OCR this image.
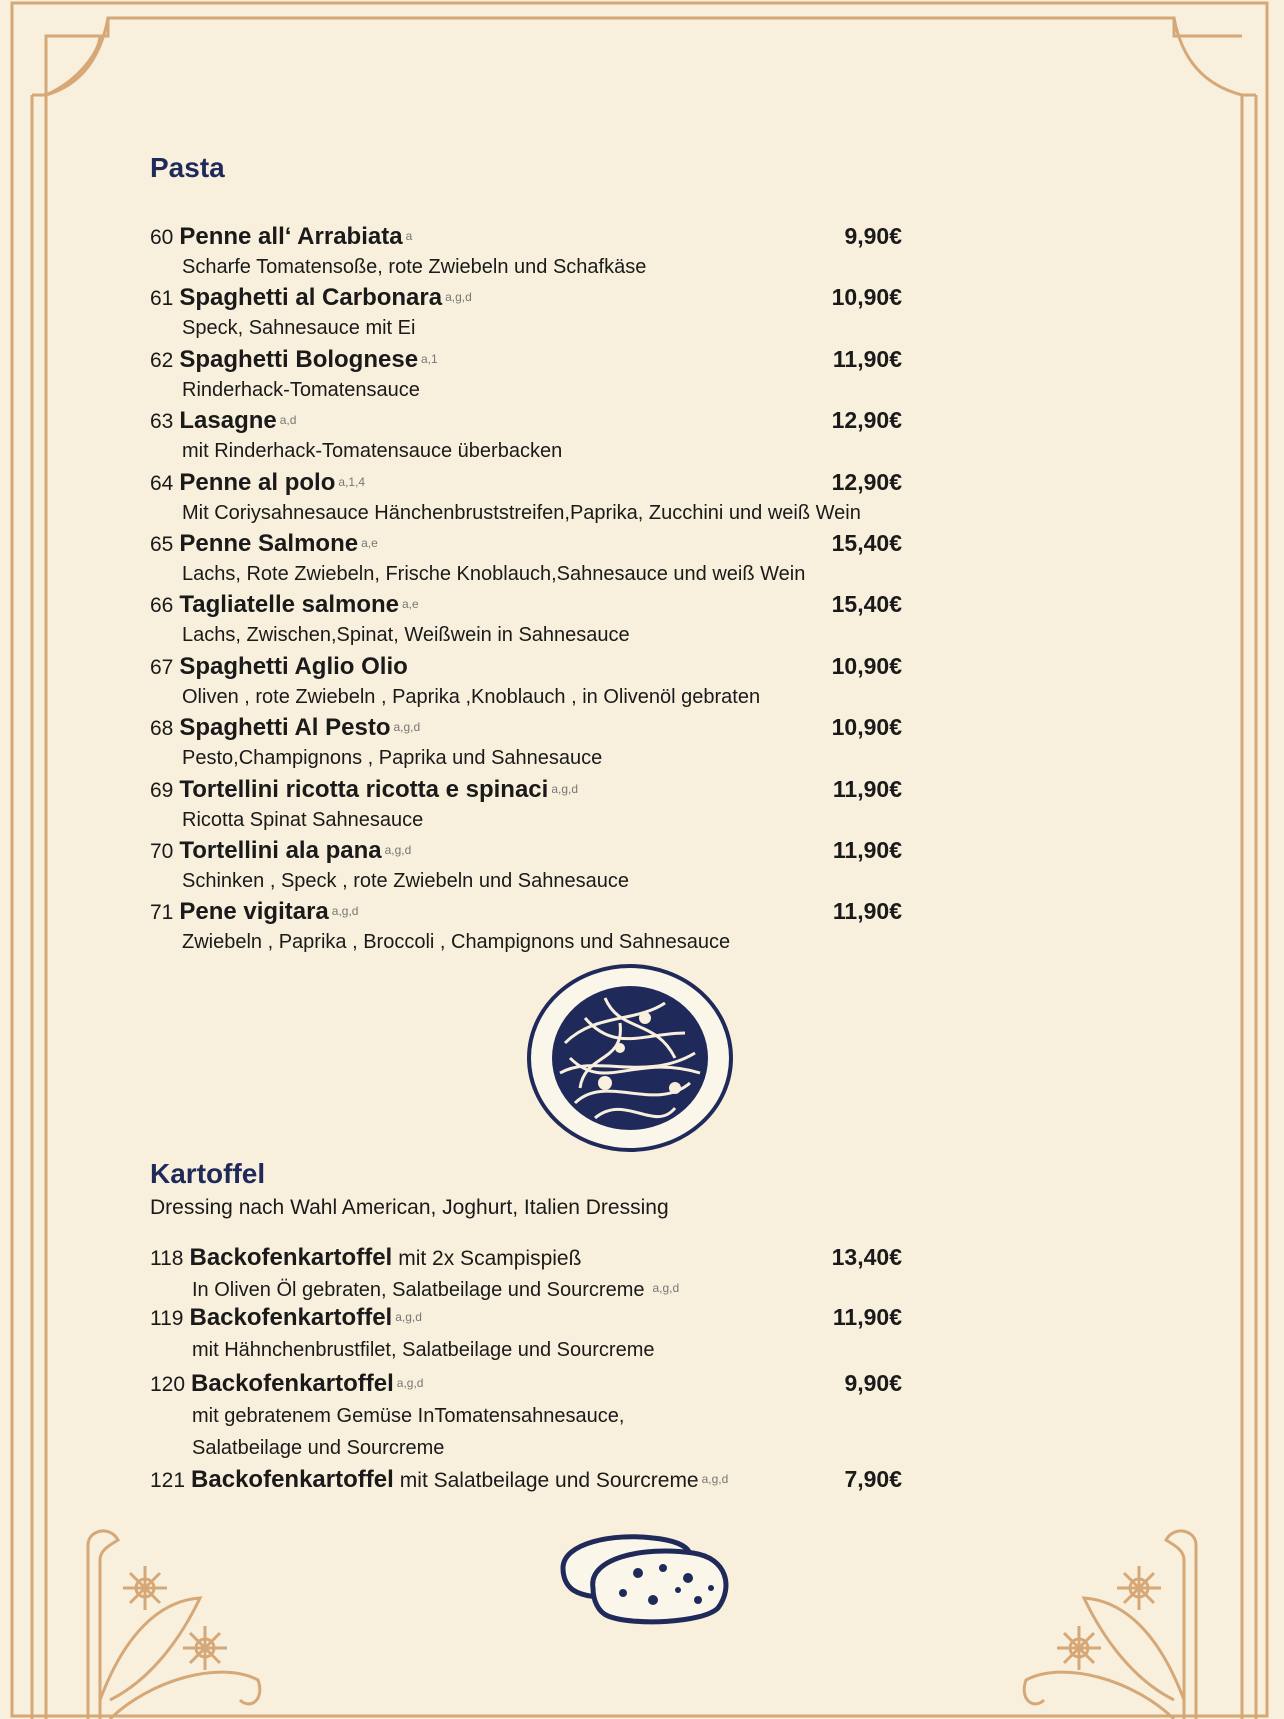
Pasta
60 Penne all‘ Arrabiata $^a$	9,90€
Scharfe Tomatensoße, rote Zwiebeln und Schafkäse
61 Spaghetti al Carbonara $^{a,g,d}$	10,90€
Speck, Sahnesauce mit Ei
62 Spaghetti Bolognese $^{a,1}$	11,90€
Rinderhack-Tomatensauce
63 Lasagne $^{a,d}$	12,90€
mit Rinderhack-Tomatensauce überbacken
64 Penne al polo $^{a,1,4}$	12,90€
Mit Coriysahnesauce Hänchenbruststreifen,Paprika, Zucchini und weiß Wein
65 Penne Salmone $^{a,e}$	15,40€
Lachs, Rote Zwiebeln, Frische Knoblauch,Sahnesauce und weiß Wein
66 Tagliatelle salmone $^{a,e}$	15,40€
Lachs, Zwischen,Spinat, Weißwein in Sahnesauce
67 Spaghetti Aglio Olio	10,90€
Oliven , rote Zwiebeln , Paprika ,Knoblauch , in Olivenöl gebraten
68 Spaghetti Al Pesto $^{a,g,d}$	10,90€
Pesto,Champignons , Paprika und Sahnesauce
69 Tortellini ricotta ricotta e spinaci $^{a,g,d}$	11,90€
Ricotta Spinat Sahnesauce
70 Tortellini ala pana $^{a,g,d}$	11,90€
Schinken , Speck , rote Zwiebeln und Sahnesauce
71 Pene vigitara $^{a,g,d}$	11,90€
Zwiebeln , Paprika , Broccoli , Champignons und Sahnesauce
Kartoffel
Dressing nach Wahl American, Joghurt, Italien Dressing
118 Backofenkartoffel mit 2x Scampispieß	13,40€
In Oliven Öl gebraten, Salatbeilage und Sourcreme $^{a,g,d}$
119 Backofenkartoffel $^{a,g,d}$	11,90€
mit Hähnchenbrustfilet, Salatbeilage und Sourcreme
120 Backofenkartoffel $^{a,g,d}$	9,90€
mit gebratenem Gemüse InTomatensahnesauce,
Salatbeilage und Sourcreme
121 Backofenkartoffel mit Salatbeilage und Sourcreme $^{a,g,d}$	7,90€
